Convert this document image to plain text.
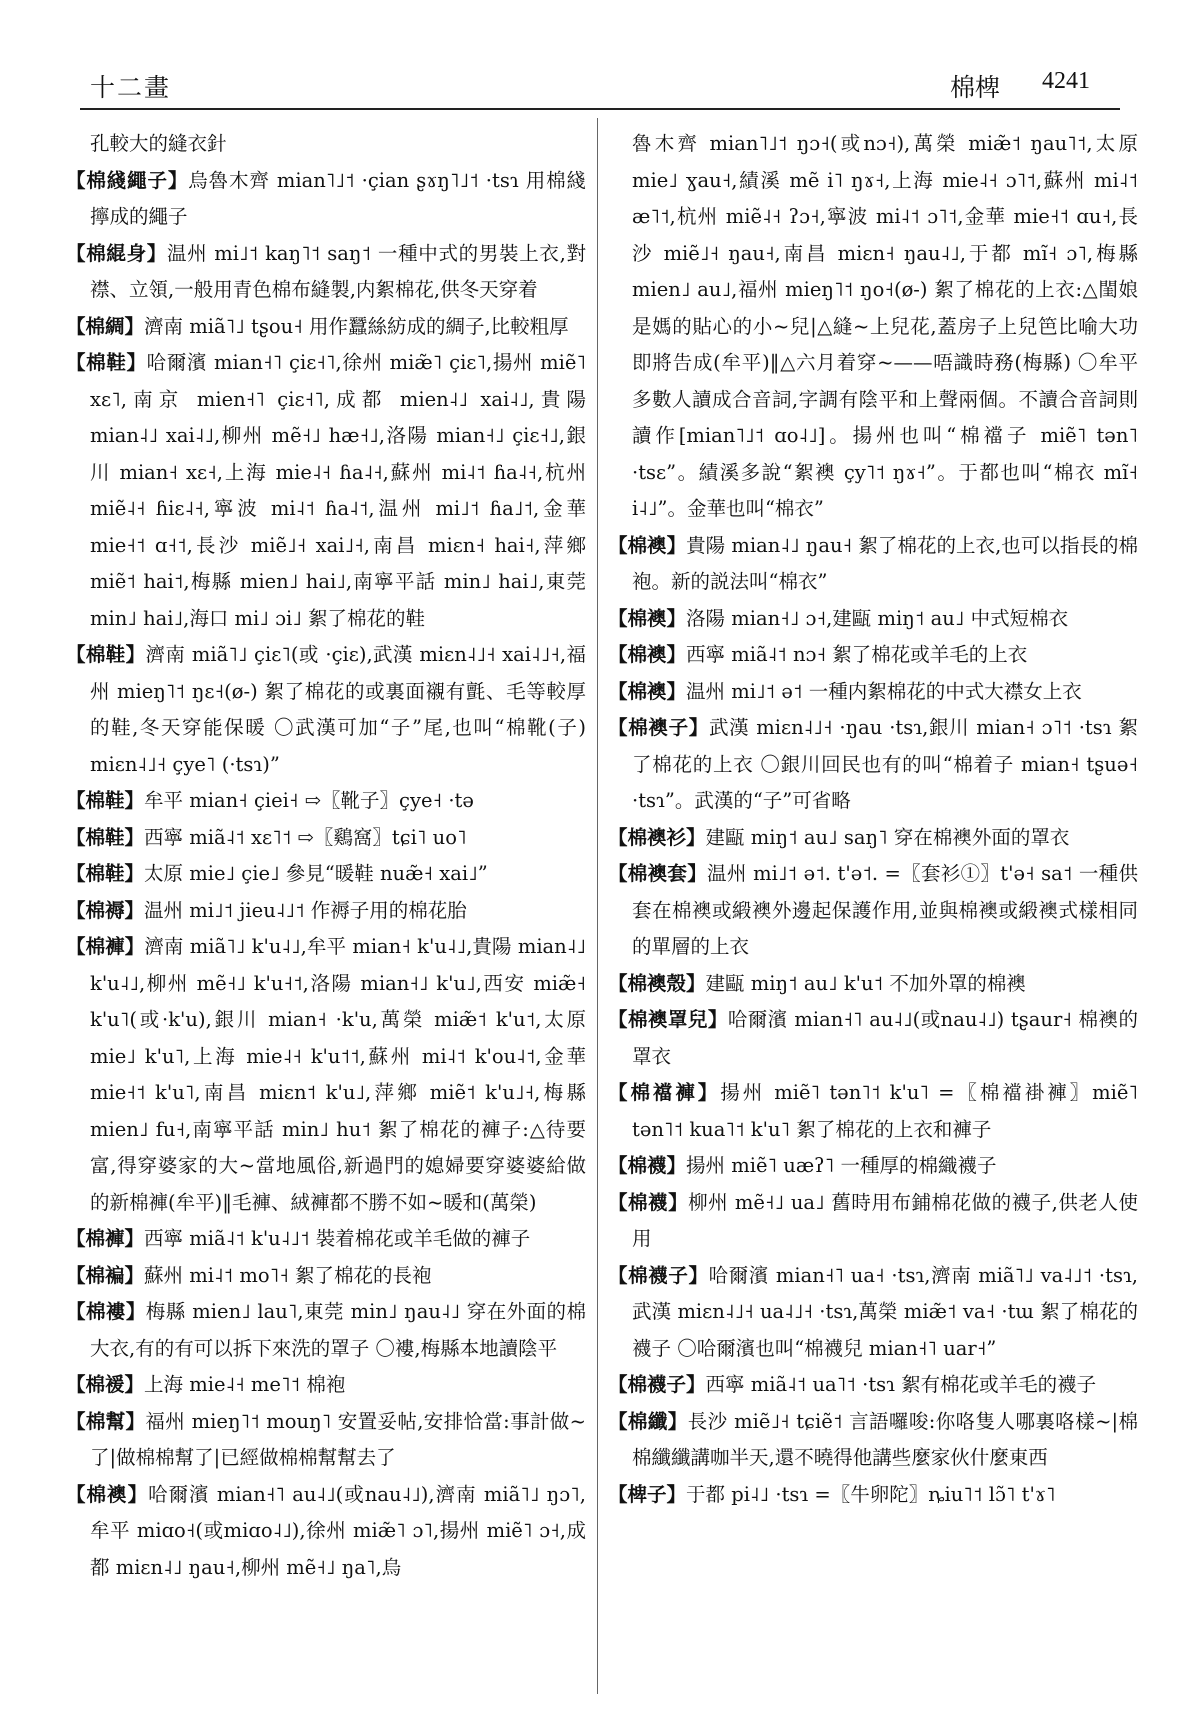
十二畫	棉椑 4241

孔較大的縫衣針

【棉綫繩子】烏魯木齊 mian˥˩˦ ·çian ʂɤŋ˥˩˦ ·tsɿ 用棉綫擰成的繩子

【棉緄身】温州 mi˩˦ kaŋ˥˦ saŋ˦ 一種中式的男裝上衣,對襟、立領,一般用青色棉布縫製,内絮棉花,供冬天穿着

【棉綢】濟南 miã˥˩ tʂou˧ 用作蠶絲紡成的綢子,比較粗厚

【棉鞋】哈爾濱 mian˧˥ çiɛ˧˥,徐州 miæ̃˥ çiɛ˥,揚州 miẽ˥ xɛ˥,南京 mien˧˥ çiɛ˧˥,成都 mien˨˩ xai˨˩,貴陽 mian˨˩ xai˨˩,柳州 mẽ˧˩ hæ˧˩,洛陽 mian˧˩ çiɛ˧˩,銀川 mian˧ xɛ˧,上海 mie˨˧ ɦa˨˧,蘇州 mi˨˦ ɦa˨˧,杭州 miẽ˨˧ ɦiɛ˨˧,寧波 mi˨˦ ɦa˨˦,温州 mi˩˦ ɦa˩˦,金華 mie˧˦ ɑ˧˦,長沙 miẽ˩˧ xai˩˧,南昌 miɛn˧ hai˧,萍鄉 miẽ˦ hai˦,梅縣 mien˩ hai˩,南寧平話 min˩ hai˩,東莞 min˩ hai˩,海口 mi˩ ɔi˩ 絮了棉花的鞋

【棉鞋】濟南 miã˥˩ çiɛ˥(或 ·çiɛ),武漢 miɛn˨˩˧ xai˨˩˧,福州 mieŋ˥˦ ŋɛ˧(ø-) 絮了棉花的或裏面襯有氈、毛等較厚的鞋,冬天穿能保暖 〇武漢可加“子”尾,也叫“棉靴(子) miɛn˨˩˧ çye˥ (·tsɿ)”

【棉鞋】牟平 mian˧ çiei˧ ⇨〖靴子〗çye˧ ·tə

【棉鞋】西寧 miã˨˦ xɛ˥˦ ⇨〖鷄窩〗tɕi˥ uo˥

【棉鞋】太原 mie˩ çie˩ 參見“暖鞋 nuæ̃˧ xai˩”

【棉褥】温州 mi˩˦ jieu˨˩˦ 作褥子用的棉花胎

【棉褲】濟南 miã˥˩ k'u˨˩,牟平 mian˧ k'u˨˩,貴陽 mian˨˩ k'u˨˩,柳州 mẽ˧˩ k'u˧˦,洛陽 mian˧˩ k'u˩,西安 miæ̃˧ k'u˥(或·k'u),銀川 mian˧ ·k'u,萬榮 miæ̃˦ k'u˦,太原 mie˩ k'u˥,上海 mie˨˧ k'u˦˦,蘇州 mi˨˦ k'ou˨˦,金華 mie˧˦ k'u˥,南昌 miɛn˦ k'u˩,萍鄉 miẽ˦ k'u˩˧,梅縣 mien˩ fu˧,南寧平話 min˩ hu˦ 絮了棉花的褲子:△待要富,得穿婆家的大~當地風俗,新過門的媳婦要穿婆婆給做的新棉褲(牟平)‖毛褲、絨褲都不勝不如~暖和(萬榮)

【棉褲】西寧 miã˨˦ k'u˨˩˦ 裝着棉花或羊毛做的褲子

【棉褊】蘇州 mi˨˦ mo˥˧ 絮了棉花的長袍

【棉褸】梅縣 mien˩ lau˥,東莞 min˩ ŋau˨˩ 穿在外面的棉大衣,有的有可以拆下來洗的罩子 〇褸,梅縣本地讀陰平

【棉褑】上海 mie˨˧ me˥˦ 棉袍

【棉幫】福州 mieŋ˥˦ mouŋ˥ 安置妥帖,安排恰當:事計做~了|做棉棉幫了|已經做棉棉幫幫去了

【棉襖】哈爾濱 mian˧˥ au˨˩(或nau˨˩),濟南 miã˥˩ ŋɔ˥,牟平 miɑo˧(或miɑo˨˩),徐州 miæ̃˥ ɔ˥,揚州 miẽ˥ ɔ˧,成都 miɛn˨˩ ŋau˧,柳州 mẽ˧˩ ŋa˥,烏

魯木齊 mian˥˩˦ ŋɔ˧(或nɔ˧),萬榮 miæ̃˦ ŋau˥˦,太原 mie˩ ɣau˧,績溪 mẽ i˥ ŋɤ˧,上海 mie˨˧ ɔ˥˦,蘇州 mi˨˦ æ˥˦,杭州 miẽ˨˧ ʔɔ˧,寧波 mi˨˦ ɔ˥˦,金華 mie˧˦ ɑu˧,長沙 miẽ˩˧ ŋau˧,南昌 miɛn˧ ŋau˨˩,于都 mĩ˧ ɔ˥,梅縣 mien˩ au˩,福州 mieŋ˥˦ ŋo˧(ø-) 絮了棉花的上衣:△閨娘是媽的貼心的小~兒|△縫~上兒花,蓋房子上兒笆比喻大功即將告成(牟平)‖△六月着穿~——唔識時務(梅縣) 〇牟平多數人讀成合音詞,字調有陰平和上聲兩個。不讀合音詞則讀作[mian˥˩˦ ɑo˨˩]。揚州也叫“棉襠子 miẽ˥ tən˥ ·tsɛ”。績溪多說“絮襖 çy˥˦ ŋɤ˧”。于都也叫“棉衣 mĩ˧ i˨˩”。金華也叫“棉衣”

【棉襖】貴陽 mian˨˩ ŋau˧ 絮了棉花的上衣,也可以指長的棉袍。新的説法叫“棉衣”

【棉襖】洛陽 mian˧˩ ɔ˧,建甌 miŋ˦ au˩ 中式短棉衣

【棉襖】西寧 miã˨˦ nɔ˧ 絮了棉花或羊毛的上衣

【棉襖】温州 mi˩˦ ə˦ 一種内絮棉花的中式大襟女上衣

【棉襖子】武漢 miɛn˨˩˧ ·ŋau ·tsɿ,銀川 mian˧ ɔ˥˦ ·tsɿ 絮了棉花的上衣 〇銀川回民也有的叫“棉着子 mian˧ tʂuə˧ ·tsɿ”。武漢的“子”可省略

【棉襖衫】建甌 miŋ˦ au˩ saŋ˥ 穿在棉襖外面的罩衣

【棉襖套】温州 mi˩˦ ə˦. t'ə˦. =〖套衫①〗t'ə˧ sa˦ 一種供套在棉襖或緞襖外邊起保護作用,並與棉襖或緞襖式樣相同的單層的上衣

【棉襖殼】建甌 miŋ˦ au˩ k'u˦ 不加外罩的棉襖

【棉襖罩兒】哈爾濱 mian˧˥ au˨˩(或nau˨˩) tʂaur˧ 棉襖的罩衣

【棉襠褲】揚州 miẽ˥ tən˥˦ k'u˥ =〖棉襠褂褲〗miẽ˥ tən˥˦ kua˥˦ k'u˥ 絮了棉花的上衣和褲子

【棉襪】揚州 miẽ˥ uæʔ˥ 一種厚的棉織襪子

【棉襪】柳州 mẽ˧˩ ua˩ 舊時用布鋪棉花做的襪子,供老人使用

【棉襪子】哈爾濱 mian˧˥ ua˧ ·tsɿ,濟南 miã˥˩ va˨˩˦ ·tsɿ,武漢 miɛn˨˩˧ ua˨˩˧ ·tsɿ,萬榮 miæ̃˦ va˧ ·tɯ 絮了棉花的襪子 〇哈爾濱也叫“棉襪兒 mian˧˥ uar˧”

【棉襪子】西寧 miã˨˦ ua˥˦ ·tsɿ 絮有棉花或羊毛的襪子

【棉纖】長沙 miẽ˩˧ tɕiẽ˦ 言語囉唆:你咯隻人哪裏咯樣~|棉棉纖纖講咖半天,還不曉得他講些麼家伙什麼東西

【椑子】于都 pi˨˩ ·tsɿ =〖牛卵陀〗ȵiu˥˦ lɔ̃˥ t'ɤ˥
